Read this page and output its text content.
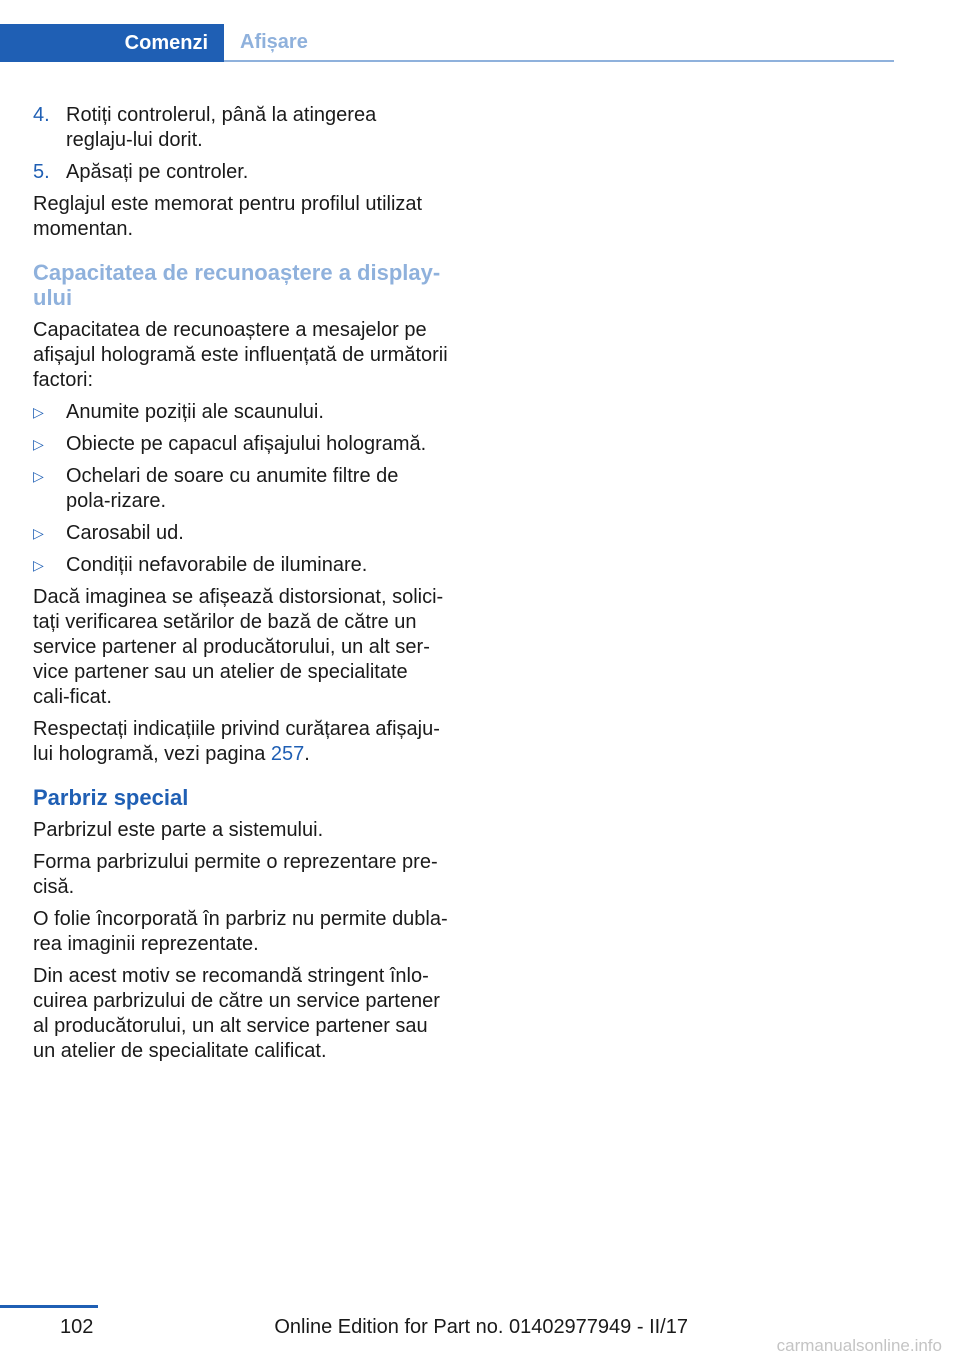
Comenzi	Afișare
4. Rotiți controlerul, până la atingerea reglaju‐lui dorit.
5. Apăsați pe controler.

Reglajul este memorat pentru profilul utilizat momentan.

Capacitatea de recunoaștere a display-ului

Capacitatea de recunoaștere a mesajelor pe afișajul hologramă este influențată de următorii factori:

▷	Anumite poziții ale scaunului.
▷	Obiecte pe capacul afișajului hologramă.
▷	Ochelari de soare cu anumite filtre de pola‐rizare.
▷	Carosabil ud.
▷	Condiții nefavorabile de iluminare.

Dacă imaginea se afișează distorsionat, solici‐tați verificarea setărilor de bază de către un service partener al producătorului, un alt ser‐vice partener sau un atelier de specialitate cali‐ficat.

Respectați indicațiile privind curățarea afișaju‐lui hologramă, vezi pagina 257.

Parbriz special

Parbrizul este parte a sistemului.

Forma parbrizului permite o reprezentare pre‐cisă.

O folie încorporată în parbriz nu permite dubla‐rea imaginii reprezentate.

Din acest motiv se recomandă stringent înlo‐cuirea parbrizului de către un service partener al producătorului, un alt service partener sau un atelier de specialitate calificat.

102	Online Edition for Part no. 01402977949 - II/17
carmanualsonline.info
